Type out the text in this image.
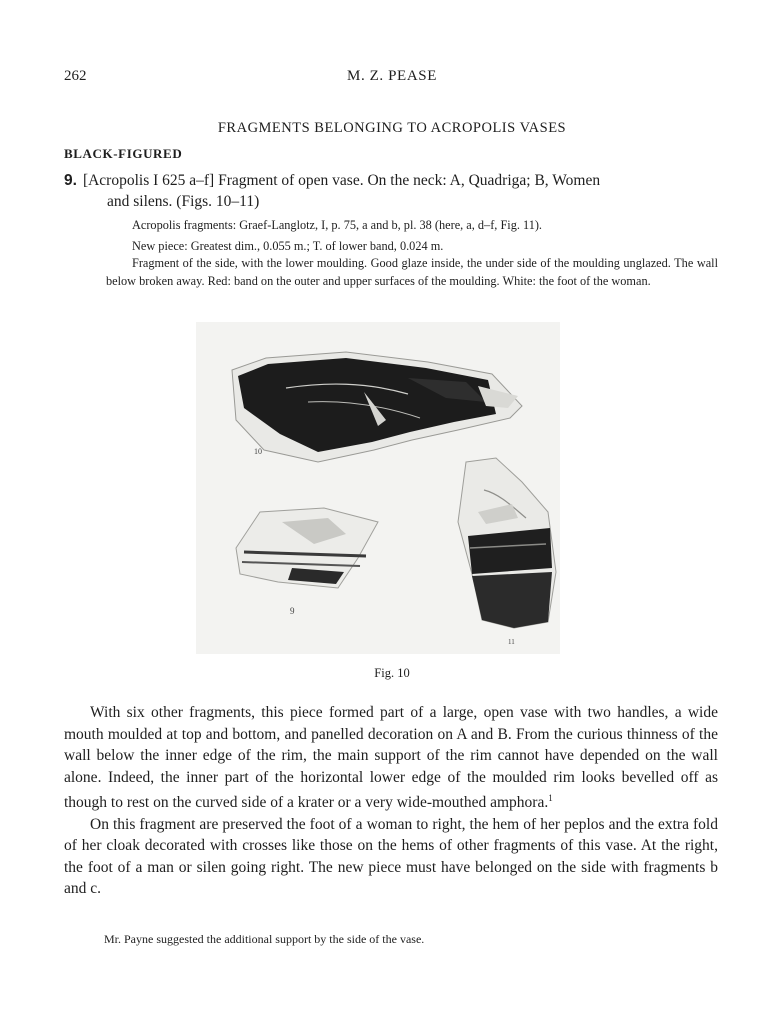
262	M. Z. PEASE
FRAGMENTS BELONGING TO ACROPOLIS VASES
BLACK-FIGURED
9. [Acropolis I 625 a–f] Fragment of open vase. On the neck: A, Quadriga; B, Women
and silens. (Figs. 10–11)
Acropolis fragments: Graef-Langlotz, I, p. 75, a and b, pl. 38 (here, a, d–f, Fig. 11).
New piece: Greatest dim., 0.055 m.; T. of lower band, 0.024 m.
Fragment of the side, with the lower moulding. Good glaze inside, the under side of the moulding unglazed. The wall below broken away. Red: band on the outer and upper surfaces of the moulding. White: the foot of the woman.
10
9
11
Fig. 10

With six other fragments, this piece formed part of a large, open vase with two handles, a wide mouth moulded at top and bottom, and panelled decoration on A and B. From the curious thinness of the wall below the inner edge of the rim, the main support of the rim cannot have depended on the wall alone. Indeed, the inner part of the horizontal lower edge of the moulded rim looks bevelled off as though to rest on the curved side of a krater or a very wide-mouthed amphora.$^1$

On this fragment are preserved the foot of a woman to right, the hem of her peplos and the extra fold of her cloak decorated with crosses like those on the hems of other fragments of this vase. At the right, the foot of a man or silen going right. The new piece must have belonged on the side with fragments b and c.

Mr. Payne suggested the additional support by the side of the vase.
